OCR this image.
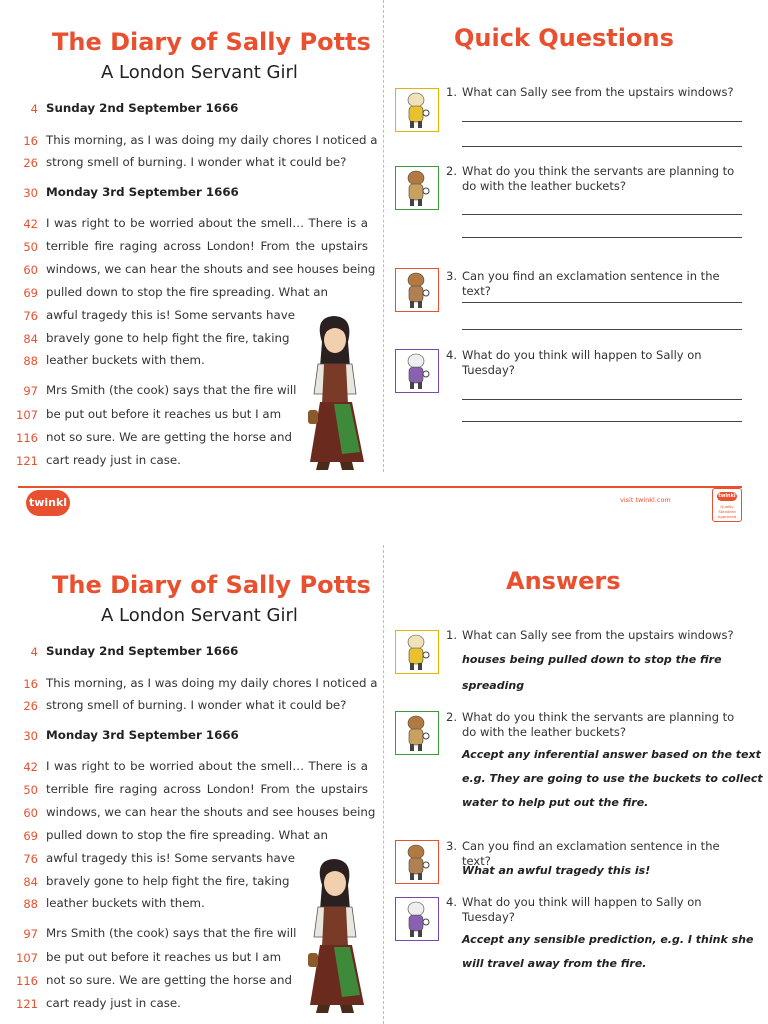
The Diary of Sally Potts
A London Servant Girl
4 Sunday 2nd September 1666
16 This morning, as I was doing my daily chores I noticed a
26 strong smell of burning. I wonder what it could be?
30 Monday 3rd September 1666
42 I was right to be worried about the smell… There is a
50 terrible fire raging across London! From the upstairs
60 windows, we can hear the shouts and see houses being
69 pulled down to stop the fire spreading. What an
76 awful tragedy this is! Some servants have
84 bravely gone to help fight the fire, taking
88 leather buckets with them.
97 Mrs Smith (the cook) says that the fire will
107 be put out before it reaches us but I am
116 not so sure. We are getting the horse and
121 cart ready just in case.
Quick Questions
1. What can Sally see from the upstairs windows?
2. What do you think the servants are planning to do with the leather buckets?
3. Can you find an exclamation sentence in the text?
4. What do you think will happen to Sally on Tuesday?
twinkl	visit twinkl.com	twinkl
Quality Standard Approved
The Diary of Sally Potts
A London Servant Girl
4 Sunday 2nd September 1666
16 This morning, as I was doing my daily chores I noticed a
26 strong smell of burning. I wonder what it could be?
30 Monday 3rd September 1666
42 I was right to be worried about the smell… There is a
50 terrible fire raging across London! From the upstairs
60 windows, we can hear the shouts and see houses being
69 pulled down to stop the fire spreading. What an
76 awful tragedy this is! Some servants have
84 bravely gone to help fight the fire, taking
88 leather buckets with them.
97 Mrs Smith (the cook) says that the fire will
107 be put out before it reaches us but I am
116 not so sure. We are getting the horse and
121 cart ready just in case.
Answers
1. What can Sally see from the upstairs windows?
houses being pulled down to stop the fire
spreading
2. What do you think the servants are planning to do with the leather buckets?
Accept any inferential answer based on the text
e.g. They are going to use the buckets to collect
water to help put out the fire.
3. Can you find an exclamation sentence in the text?
What an awful tragedy this is!
4. What do you think will happen to Sally on Tuesday?
Accept any sensible prediction, e.g. I think she
will travel away from the fire.
